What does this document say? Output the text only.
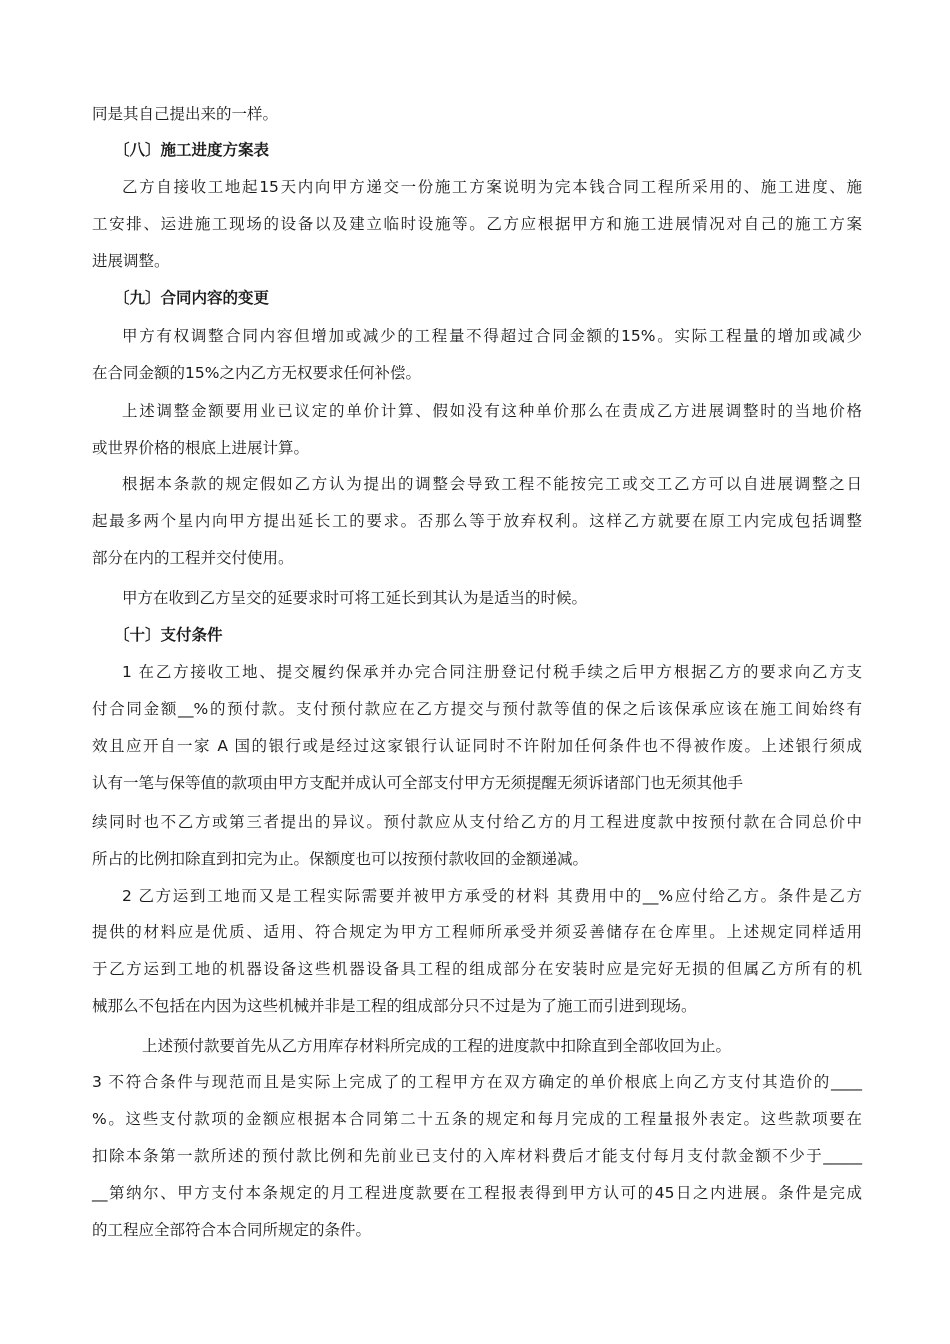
同是其自己提出来的一样。
〔八〕施工进度方案表
乙方自接收工地起15天内向甲方递交一份施工方案说明为完本钱合同工程所采用的、施工进度、施
工安排、运进施工现场的设备以及建立临时设施等。乙方应根据甲方和施工进展情况对自己的施工方案
进展调整。
〔九〕合同内容的变更
甲方有权调整合同内容但增加或减少的工程量不得超过合同金额的15%。实际工程量的增加或减少
在合同金额的15%之内乙方无权要求任何补偿。
上述调整金额要用业已议定的单价计算、假如没有这种单价那么在责成乙方进展调整时的当地价格
或世界价格的根底上进展计算。
根据本条款的规定假如乙方认为提出的调整会导致工程不能按完工或交工乙方可以自进展调整之日
起最多两个星内向甲方提出延长工的要求。否那么等于放弃权利。这样乙方就要在原工内完成包括调整
部分在内的工程并交付使用。
甲方在收到乙方呈交的延要求时可将工延长到其认为是适当的时候。
〔十〕支付条件
1 在乙方接收工地、提交履约保承并办完合同注册登记付税手续之后甲方根据乙方的要求向乙方支
付合同金额__%的预付款。支付预付款应在乙方提交与预付款等值的保之后该保承应该在施工间始终有
效且应开自一家 A 国的银行或是经过这家银行认证同时不许附加任何条件也不得被作废。上述银行须成
认有一笔与保等值的款项由甲方支配并成认可全部支付甲方无须提醒无须诉诸部门也无须其他手
续同时也不乙方或第三者提出的异议。预付款应从支付给乙方的月工程进度款中按预付款在合同总价中
所占的比例扣除直到扣完为止。保额度也可以按预付款收回的金额递减。
2 乙方运到工地而又是工程实际需要并被甲方承受的材料 其费用中的__%应付给乙方。条件是乙方
提供的材料应是优质、适用、符合规定为甲方工程师所承受并须妥善储存在仓库里。上述规定同样适用
于乙方运到工地的机器设备这些机器设备具工程的组成部分在安装时应是完好无损的但属乙方所有的机
械那么不包括在内因为这些机械并非是工程的组成部分只不过是为了施工而引进到现场。
上述预付款要首先从乙方用库存材料所完成的工程的进度款中扣除直到全部收回为止。
3 不符合条件与现范而且是实际上完成了的工程甲方在双方确定的单价根底上向乙方支付其造价的____
%。这些支付款项的金额应根据本合同第二十五条的规定和每月完成的工程量报外表定。这些款项要在
扣除本条第一款所述的预付款比例和先前业已支付的入库材料费后才能支付每月支付款金额不少于_____
__第纳尔、甲方支付本条规定的月工程进度款要在工程报表得到甲方认可的45日之内进展。条件是完成
的工程应全部符合本合同所规定的条件。
